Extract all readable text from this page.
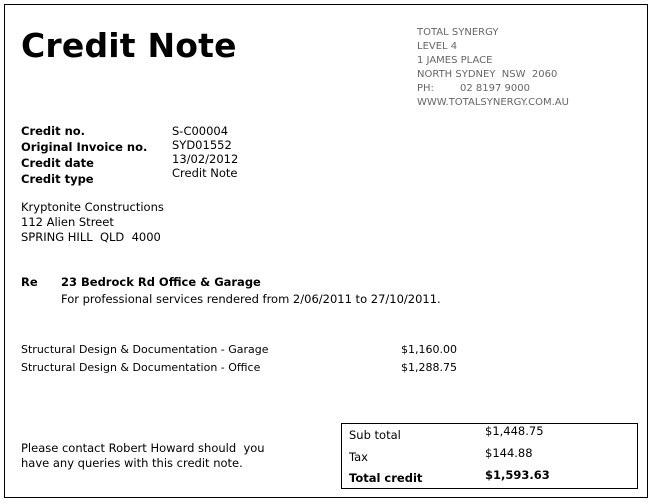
Credit Note	TOTAL SYNERGY
LEVEL 4
1 JAMES PLACE
NORTH SYDNEY  NSW  2060
PH:	02 8197 9000
WWW.TOTALSYNERGY.COM.AU
Credit no.	S-C00004
Original Invoice no. SYD01552
Credit date	13/02/2012
Credit type	Credit Note
Kryptonite Constructions
112 Alien Street
SPRING HILL  QLD  4000
Re 23 Bedrock Rd Office & Garage
For professional services rendered from 2/06/2011 to 27/10/2011.
Structural Design & Documentation - Garage	$1,160.00
Structural Design & Documentation - Office	$1,288.75
Please contact Robert Howard should  you
have any queries with this credit note.
Sub total	$1,448.75
Tax	$144.88
Total credit	$1,593.63
